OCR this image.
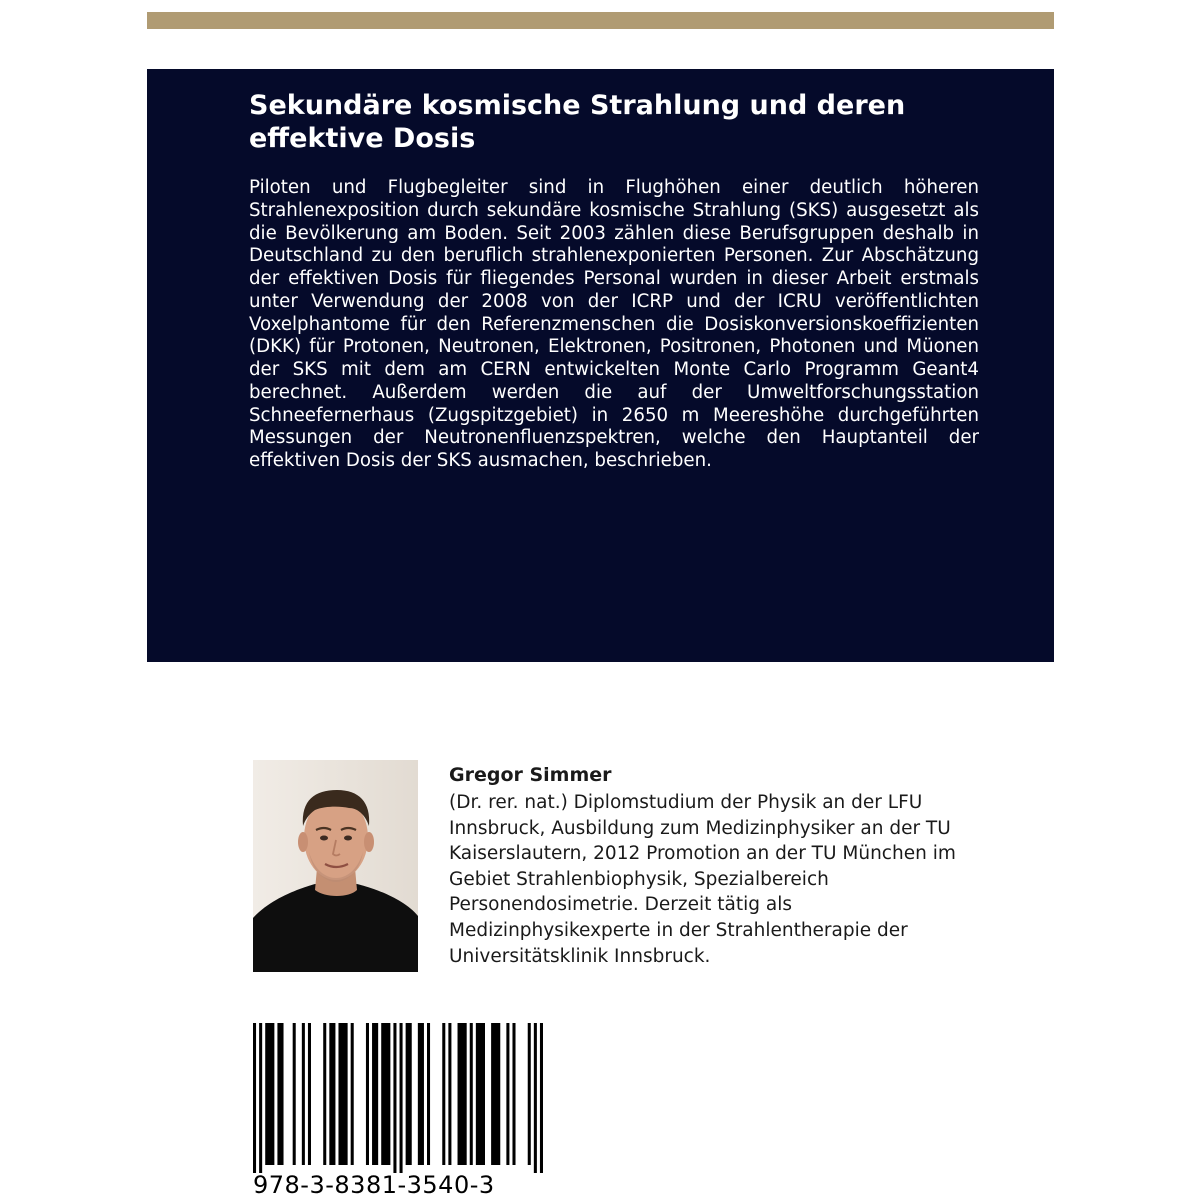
Sekundäre kosmische Strahlung und deren effektive Dosis

Piloten und Flugbegleiter sind in Flughöhen einer deutlich höheren Strahlenexposition durch sekundäre kosmische Strahlung (SKS) ausgesetzt als die Bevölkerung am Boden. Seit 2003 zählen diese Berufsgruppen deshalb in Deutschland zu den beruflich strahlenexponierten Personen. Zur Abschätzung der effektiven Dosis für fliegendes Personal wurden in dieser Arbeit erstmals unter Verwendung der 2008 von der ICRP und der ICRU veröffentlichten Voxelphantome für den Referenzmenschen die Dosiskonversionskoeffizienten (DKK) für Protonen, Neutronen, Elektronen, Positronen, Photonen und Müonen der SKS mit dem am CERN entwickelten Monte Carlo Programm Geant4 berechnet. Außerdem werden die auf der Umweltforschungsstation Schneefernerhaus (Zugspitzgebiet) in 2650 m Meereshöhe durchgeführten Messungen der Neutronenfluenzspektren, welche den Hauptanteil der effektiven Dosis der SKS ausmachen, beschrieben.

Gregor Simmer

(Dr. rer. nat.) Diplomstudium der Physik an der LFU Innsbruck, Ausbildung zum Medizinphysiker an der TU Kaiserslautern, 2012 Promotion an der TU München im Gebiet Strahlenbiophysik, Spezialbereich Personendosimetrie. Derzeit tätig als Medizinphysikexperte in der Strahlentherapie der Universitätsklinik Innsbruck.

978-3-8381-3540-3
